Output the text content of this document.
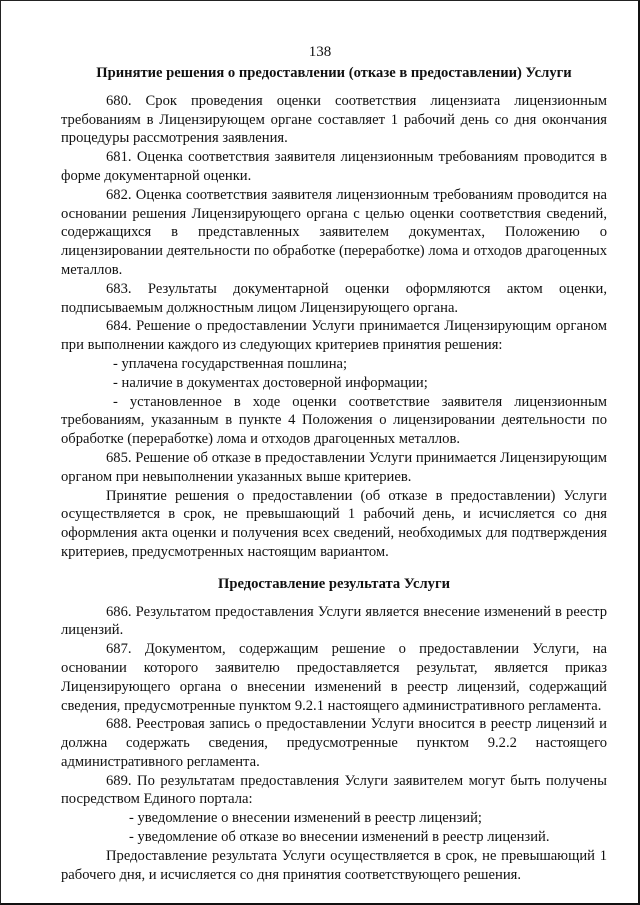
138
Принятие решения о предоставлении (отказе в предоставлении) Услуги

680. Срок проведения оценки соответствия лицензиата лицензионным требованиям в Лицензирующем органе составляет 1 рабочий день со дня окончания процедуры рассмотрения заявления.

681. Оценка соответствия заявителя лицензионным требованиям проводится в форме документарной оценки.

682. Оценка соответствия заявителя лицензионным требованиям проводится на основании решения Лицензирующего органа с целью оценки соответствия сведений, содержащихся в представленных заявителем документах, Положению о лицензировании деятельности по обработке (переработке) лома и отходов драгоценных металлов.

683. Результаты документарной оценки оформляются актом оценки, подписываемым должностным лицом Лицензирующего органа.

684. Решение о предоставлении Услуги принимается Лицензирующим органом при выполнении каждого из следующих критериев принятия решения:

- уплачена государственная пошлина;

- наличие в документах достоверной информации;

- установленное в ходе оценки соответствие заявителя лицензионным требованиям, указанным в пункте 4 Положения о лицензировании деятельности по обработке (переработке) лома и отходов драгоценных металлов.

685. Решение об отказе в предоставлении Услуги принимается Лицензирующим органом при невыполнении указанных выше критериев.

Принятие решения о предоставлении (об отказе в предоставлении) Услуги осуществляется в срок, не превышающий 1 рабочий день, и исчисляется со дня оформления акта оценки и получения всех сведений, необходимых для подтверждения критериев, предусмотренных настоящим вариантом.

Предоставление результата Услуги

686. Результатом предоставления Услуги является внесение изменений в реестр лицензий.

687. Документом, содержащим решение о предоставлении Услуги, на основании которого заявителю предоставляется результат, является приказ Лицензирующего органа о внесении изменений в реестр лицензий, содержащий сведения, предусмотренные пунктом 9.2.1 настоящего административного регламента.

688. Реестровая запись о предоставлении Услуги вносится в реестр лицензий и должна содержать сведения, предусмотренные пунктом 9.2.2 настоящего административного регламента.

689. По результатам предоставления Услуги заявителем могут быть получены посредством Единого портала:

- уведомление о внесении изменений в реестр лицензий;

- уведомление об отказе во внесении изменений в реестр лицензий.

Предоставление результата Услуги осуществляется в срок, не превышающий 1 рабочего дня, и исчисляется со дня принятия соответствующего решения.
